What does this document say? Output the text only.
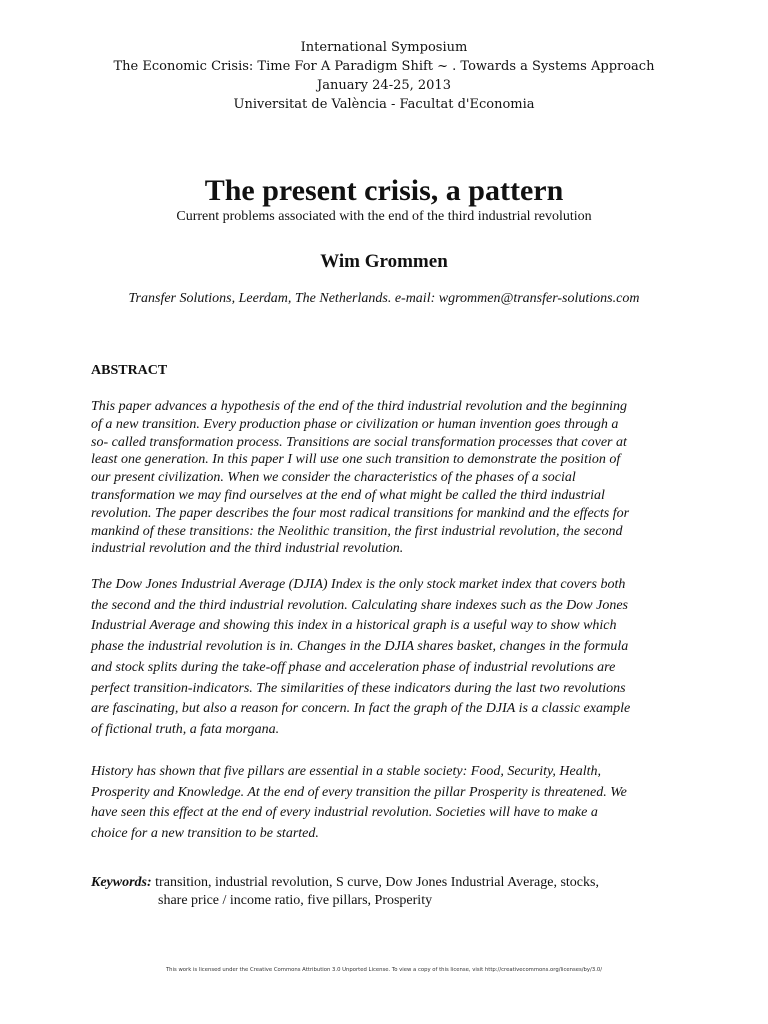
International Symposium
The Economic Crisis: Time For A Paradigm Shift ~ . Towards a Systems Approach
January 24-25, 2013
Universitat de València - Facultat d'Economia
The present crisis, a pattern
Current problems associated with the end of the third industrial revolution
Wim Grommen
Transfer Solutions, Leerdam, The Netherlands. e-mail: wgrommen@transfer-solutions.com
ABSTRACT
This paper advances a hypothesis of the end of the third industrial revolution and the beginning
of a new transition. Every production phase or civilization or human invention goes through a
so- called transformation process. Transitions are social transformation processes that cover at
least one generation. In this paper I will use one such transition to demonstrate the position of
our present civilization. When we consider the characteristics of the phases of a social
transformation we may find ourselves at the end of what might be called the third industrial
revolution. The paper describes the four most radical transitions for mankind and the effects for
mankind of these transitions: the Neolithic transition, the first industrial revolution, the second
industrial revolution and the third industrial revolution.
The Dow Jones Industrial Average (DJIA) Index is the only stock market index that covers both
the second and the third industrial revolution. Calculating share indexes such as the Dow Jones
Industrial Average and showing this index in a historical graph is a useful way to show which
phase the industrial revolution is in. Changes in the DJIA shares basket, changes in the formula
and stock splits during the take-off phase and acceleration phase of industrial revolutions are
perfect transition-indicators. The similarities of these indicators during the last two revolutions
are fascinating, but also a reason for concern. In fact the graph of the DJIA is a classic example
of fictional truth, a fata morgana.
History has shown that five pillars are essential in a stable society: Food, Security, Health,
Prosperity and Knowledge. At the end of every transition the pillar Prosperity is threatened. We
have seen this effect at the end of every industrial revolution. Societies will have to make a
choice for a new transition to be started.
Keywords: transition, industrial revolution, S curve, Dow Jones Industrial Average, stocks,
share price / income ratio, five pillars, Prosperity
This work is licensed under the Creative Commons Attribution 3.0 Unported License. To view a copy of this license, visit http://creativecommons.org/licenses/by/3.0/
